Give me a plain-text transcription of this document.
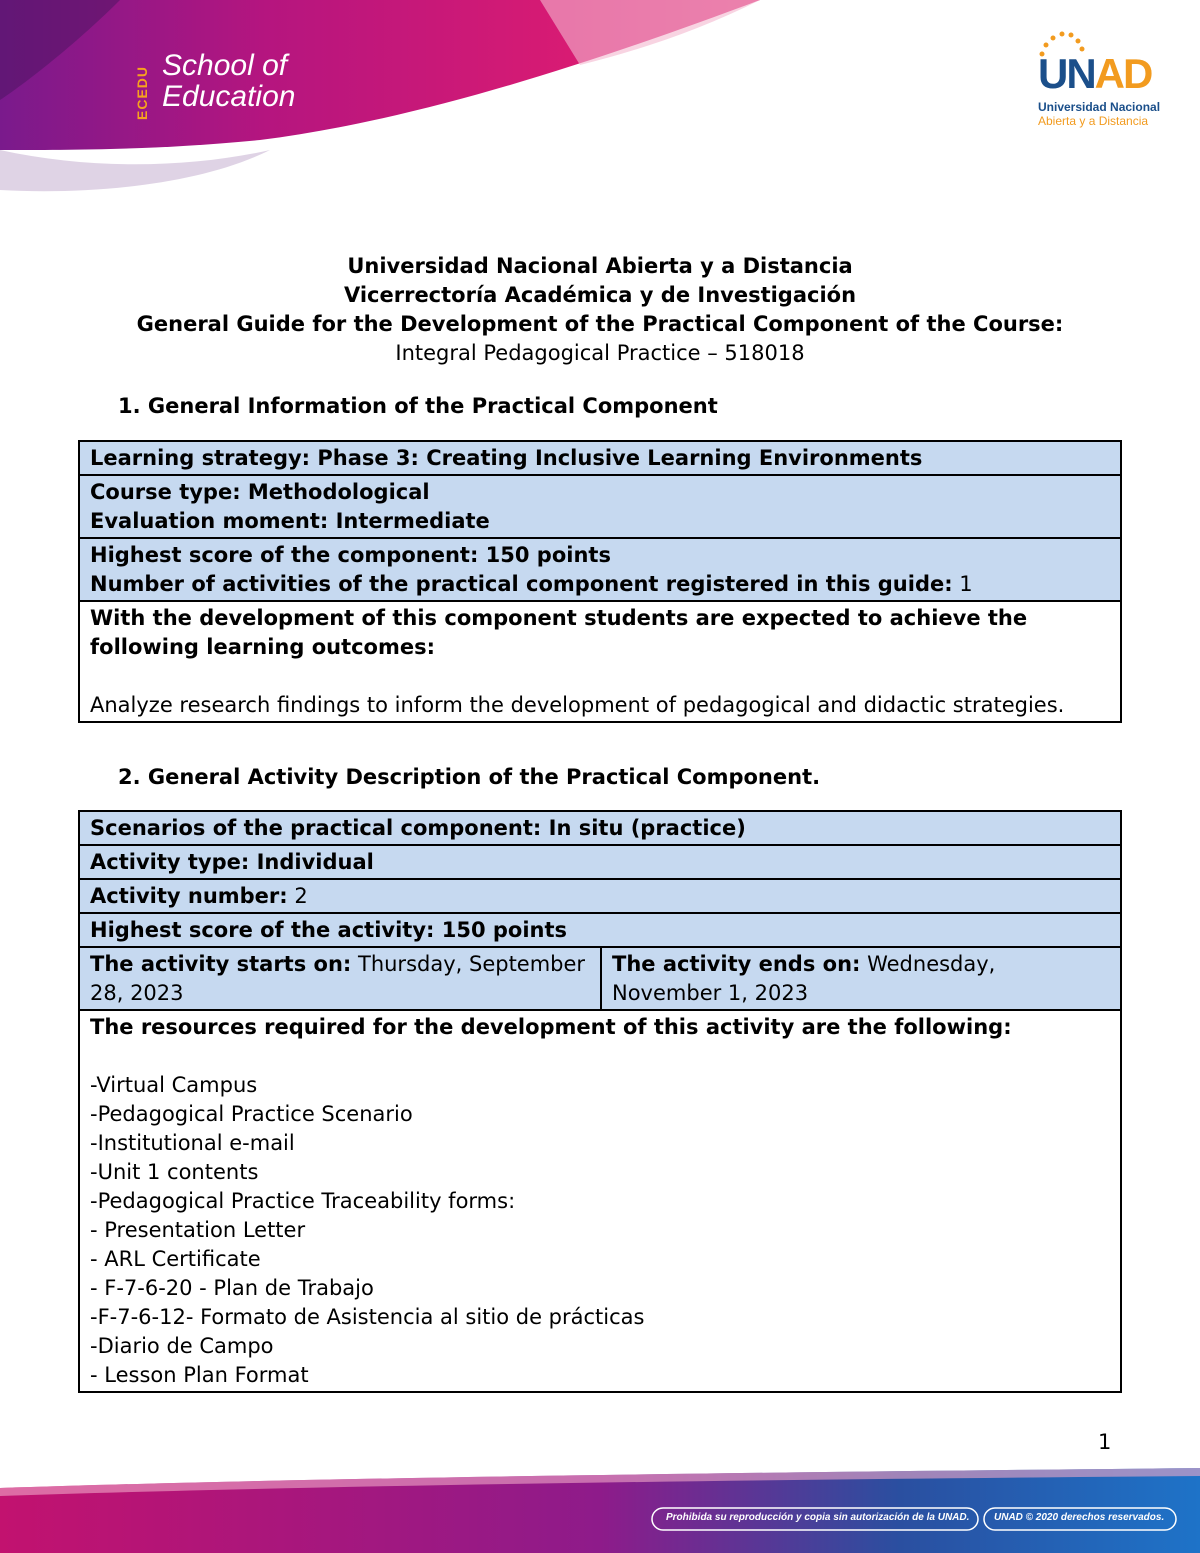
ECEDU
School of
Education	UNAD
Universidad Nacional
Abierta y a Distancia
Universidad Nacional Abierta y a Distancia
Vicerrectoría Académica y de Investigación
General Guide for the Development of the Practical Component of the Course:
Integral Pedagogical Practice – 518018
1. General Information of the Practical Component
Learning strategy: Phase 3: Creating Inclusive Learning Environments

Course type: Methodological
Evaluation moment: Intermediate

Highest score of the component: 150 points
Number of activities of the practical component registered in this guide: 1

With the development of this component students are expected to achieve the following learning outcomes:
Analyze research findings to inform the development of pedagogical and didactic strategies.
2. General Activity Description of the Practical Component.
Scenarios of the practical component: In situ (practice)
Activity type: Individual
Activity number: 2
Highest score of the activity: 150 points
The activity starts on: Thursday, September 28, 2023	The activity ends on: Wednesday, November 1, 2023

The resources required for the development of this activity are the following:
-Virtual Campus
-Pedagogical Practice Scenario
-Institutional e-mail
-Unit 1 contents
-Pedagogical Practice Traceability forms:
- Presentation Letter
- ARL Certificate
- F-7-6-20 - Plan de Trabajo
-F-7-6-12- Formato de Asistencia al sitio de prácticas
-Diario de Campo
- Lesson Plan Format
1
Prohibida su reproducción y copia sin autorización de la UNAD. UNAD © 2020 derechos reservados.
